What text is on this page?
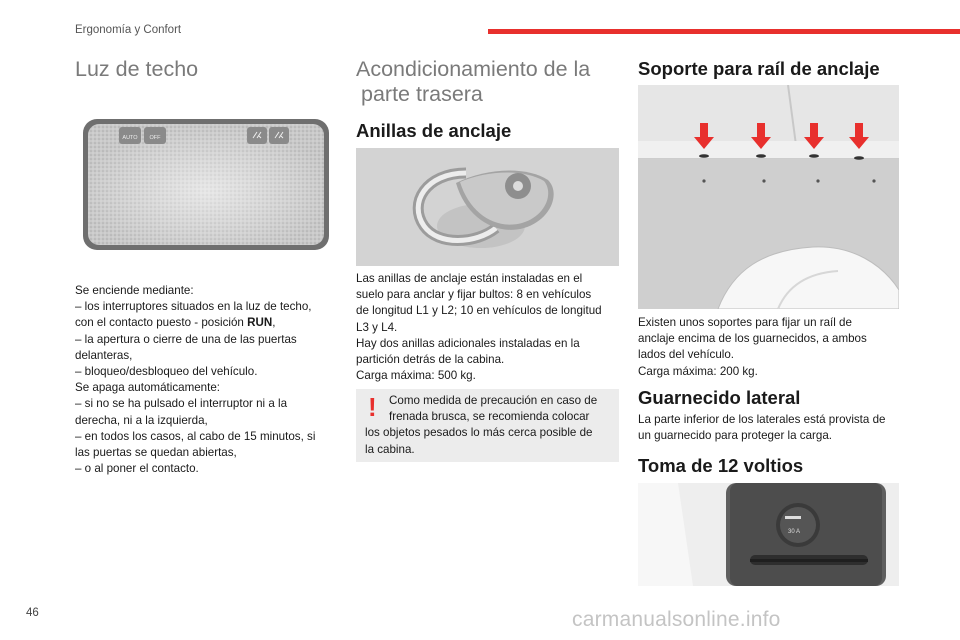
Ergonomía y Confort
Luz de techo
AUTO OFF
Se enciende mediante:
– los interruptores situados en la luz de techo,
con el contacto puesto - posición RUN,
– la apertura o cierre de una de las puertas
delanteras,
– bloqueo/desbloqueo del vehículo.
Se apaga automáticamente:
– si no se ha pulsado el interruptor ni a la
derecha, ni a la izquierda,
– en todos los casos, al cabo de 15 minutos, si
las puertas se quedan abiertas,
– o al poner el contacto.
Acondicionamiento de la
parte trasera
Anillas de anclaje
Las anillas de anclaje están instaladas en el
suelo para anclar y fijar bultos: 8 en vehículos
de longitud L1 y L2; 10 en vehículos de longitud
L3 y L4.
Hay dos anillas adicionales instaladas en la
partición detrás de la cabina.
Carga máxima: 500 kg.
!	Como medida de precaución en caso de
frenada brusca, se recomienda colocar
los objetos pesados lo más cerca posible de
la cabina.
Soporte para raíl de anclaje
Existen unos soportes para fijar un raíl de
anclaje encima de los guarnecidos, a ambos
lados del vehículo.
Carga máxima: 200 kg.
Guarnecido lateral
La parte inferior de los laterales está provista de
un guarnecido para proteger la carga.
Toma de 12 voltios
30 A
46	carmanualsonline.info
